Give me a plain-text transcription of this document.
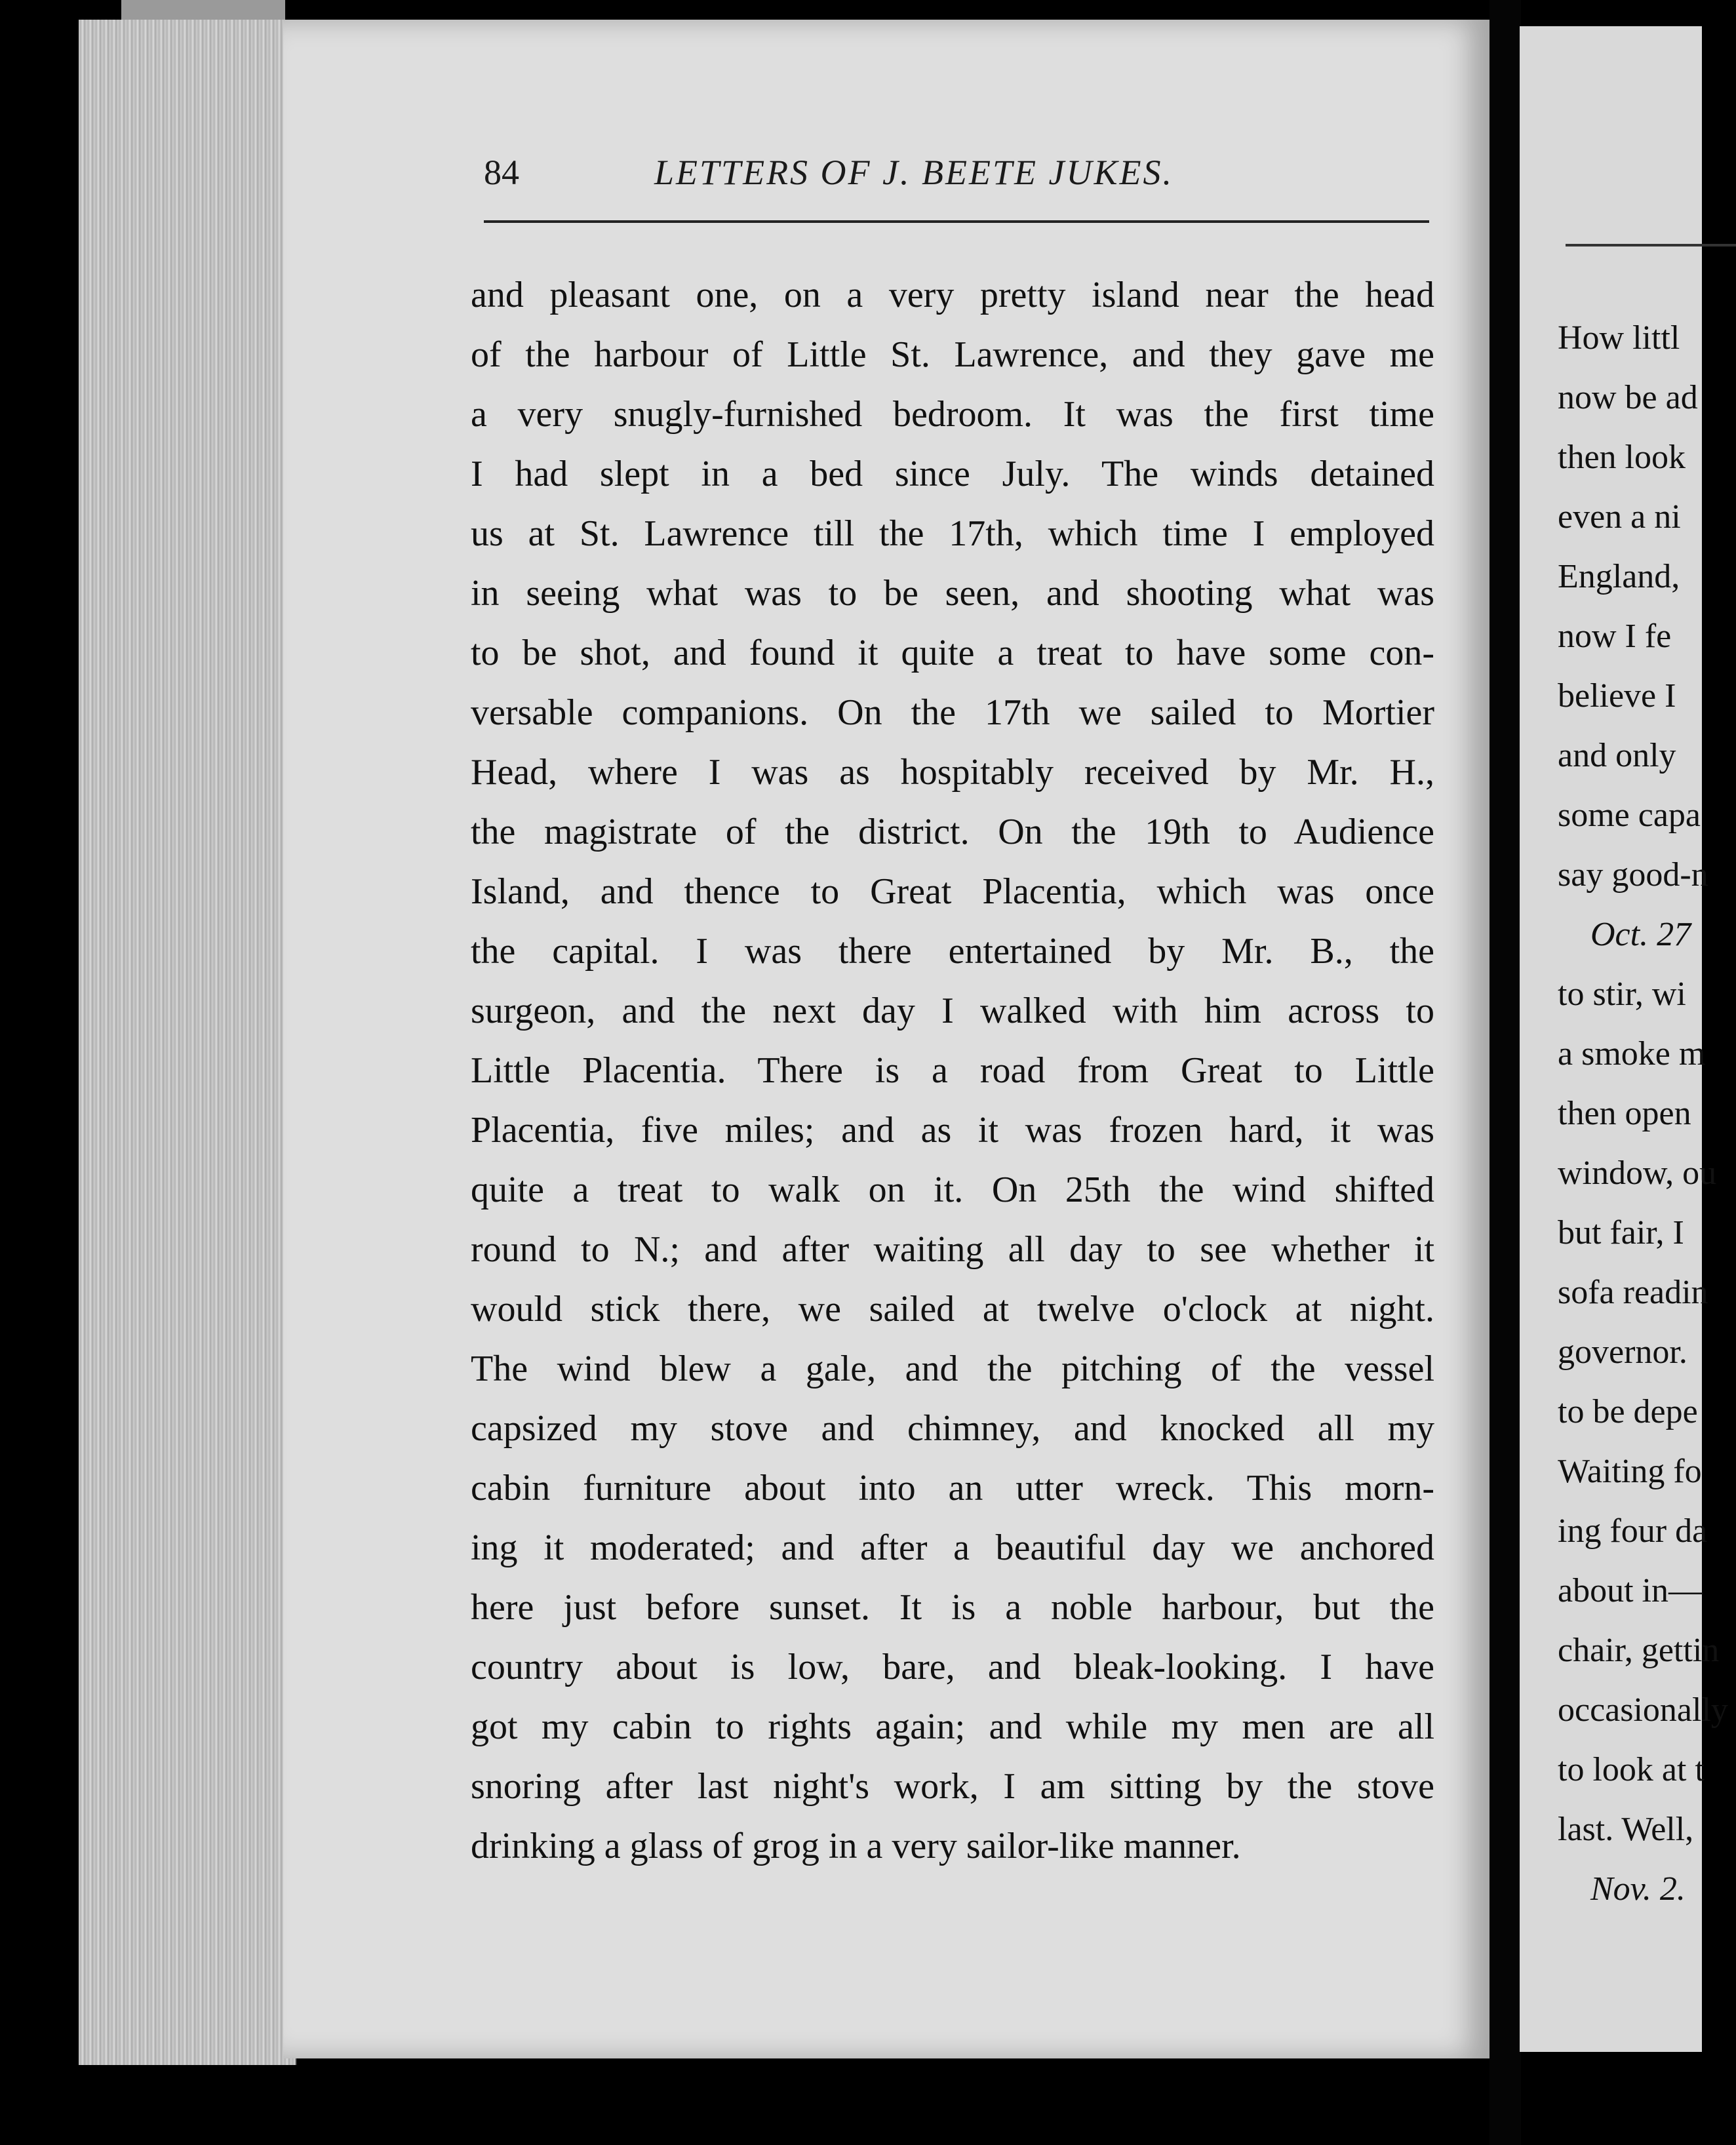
84	LETTERS OF J. BEETE JUKES.
and pleasant one, on a very pretty island near the head
of the harbour of Little St. Lawrence, and they gave me
a very snugly-furnished bedroom. It was the first time
I had slept in a bed since July. The winds detained
us at St. Lawrence till the 17th, which time I employed
in seeing what was to be seen, and shooting what was
to be shot, and found it quite a treat to have some con-
versable companions. On the 17th we sailed to Mortier
Head, where I was as hospitably received by Mr. H.,
the magistrate of the district. On the 19th to Audience
Island, and thence to Great Placentia, which was once
the capital. I was there entertained by Mr. B., the
surgeon, and the next day I walked with him across to
Little Placentia. There is a road from Great to Little
Placentia, five miles; and as it was frozen hard, it was
quite a treat to walk on it. On 25th the wind shifted
round to N.; and after waiting all day to see whether it
would stick there, we sailed at twelve o'clock at night.
The wind blew a gale, and the pitching of the vessel
capsized my stove and chimney, and knocked all my
cabin furniture about into an utter wreck. This morn-
ing it moderated; and after a beautiful day we anchored
here just before sunset. It is a noble harbour, but the
country about is low, bare, and bleak-looking. I have
got my cabin to rights again; and while my men are all
snoring after last night's work, I am sitting by the stove
drinking a glass of grog in a very sailor-like manner.
How littl
now be ad
then look
even a ni
England,
now I fe
believe I
and only
some capa
say good-n
Oct. 27
to stir, wi
a smoke m
then open
window, ou
but fair, I
sofa readin
governor.
to be depe
Waiting fo
ing four da
about in—
chair, gettin
occasionally
to look at t
last. Well,
Nov. 2.
